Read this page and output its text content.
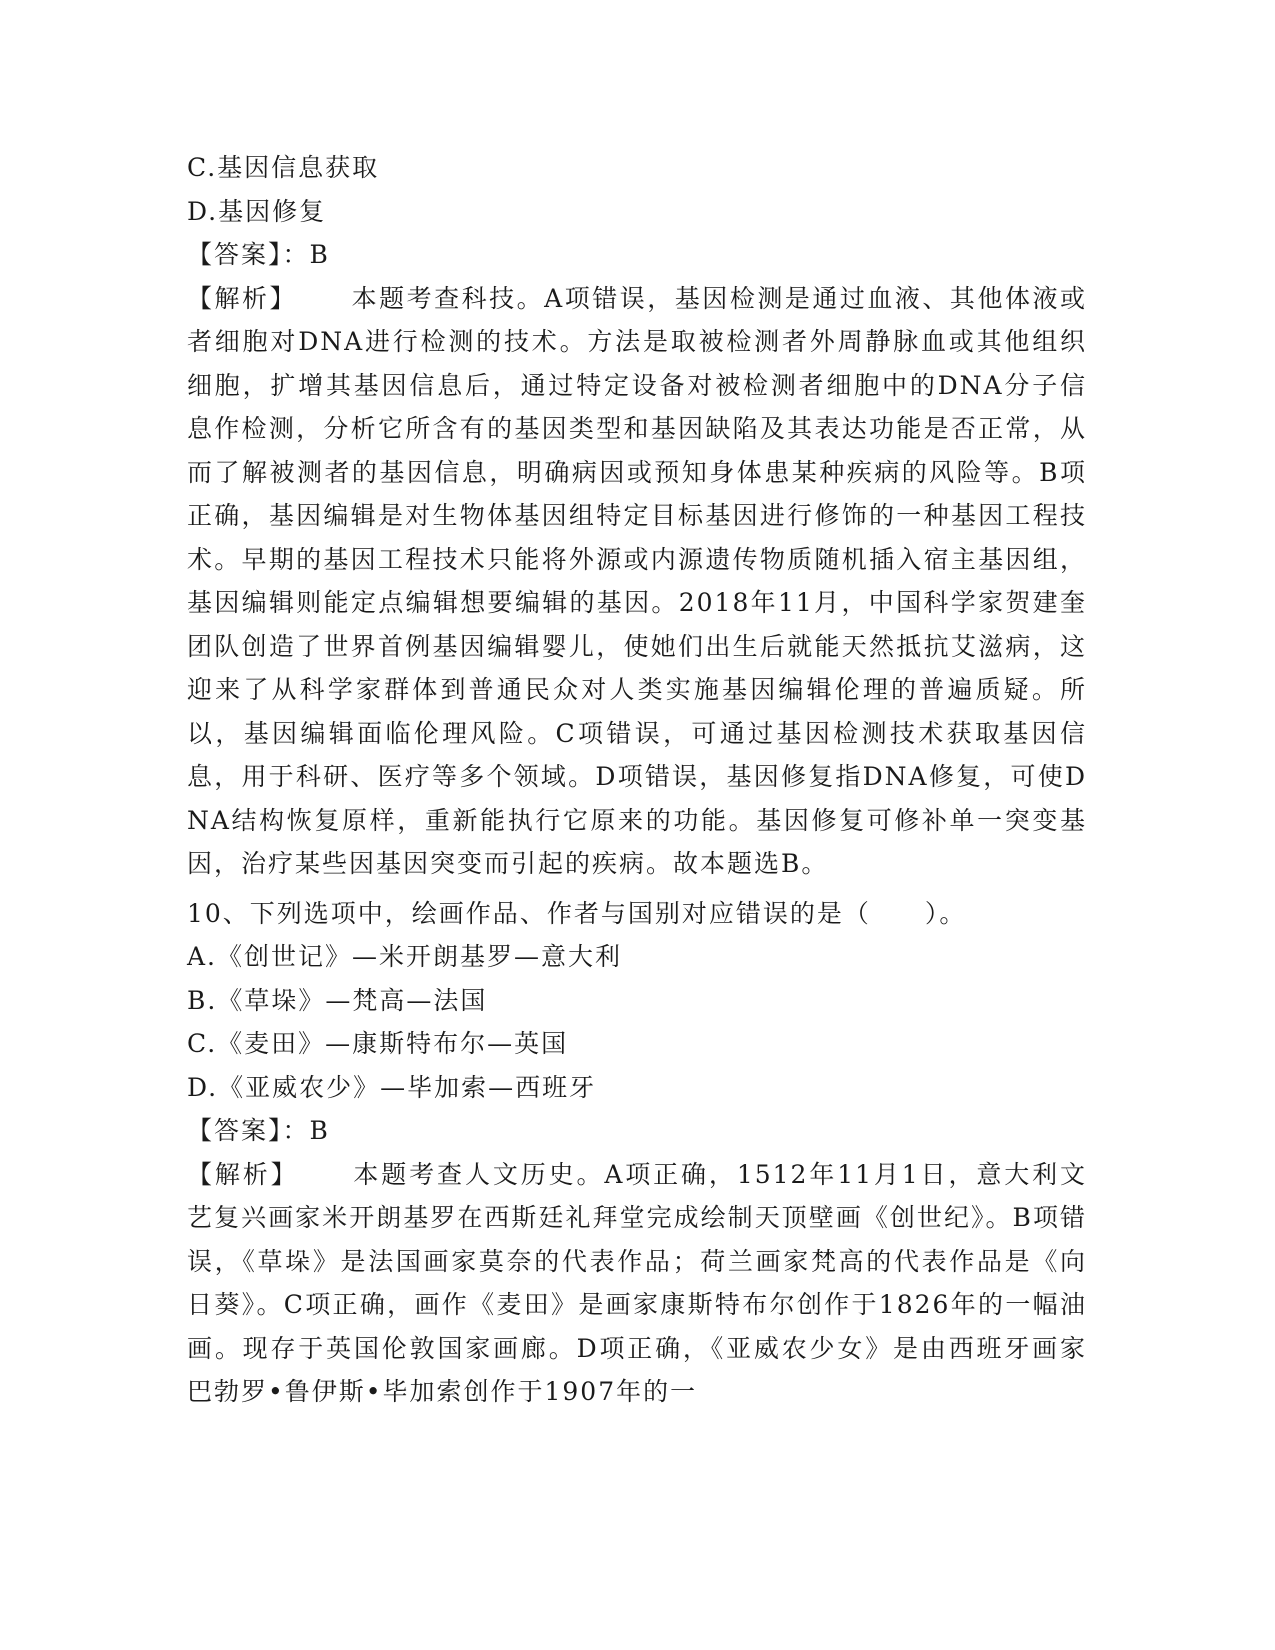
C.基因信息获取
D.基因修复
【答案】：B
【解析】   本题考查科技。A项错误，基因检测是通过血液、其他体液或者细胞对DNA进行检测的技术。方法是取被检测者外周静脉血或其他组织细胞，扩增其基因信息后，通过特定设备对被检测者细胞中的DNA分子信息作检测，分析它所含有的基因类型和基因缺陷及其表达功能是否正常，从而了解被测者的基因信息，明确病因或预知身体患某种疾病的风险等。B项正确，基因编辑是对生物体基因组特定目标基因进行修饰的一种基因工程技术。早期的基因工程技术只能将外源或内源遗传物质随机插入宿主基因组，基因编辑则能定点编辑想要编辑的基因。2018年11月，中国科学家贺建奎团队创造了世界首例基因编辑婴儿，使她们出生后就能天然抵抗艾滋病，这迎来了从科学家群体到普通民众对人类实施基因编辑伦理的普遍质疑。所以，基因编辑面临伦理风险。C项错误，可通过基因检测技术获取基因信息，用于科研、医疗等多个领域。D项错误，基因修复指DNA修复，可使DNA结构恢复原样，重新能执行它原来的功能。基因修复可修补单一突变基因，治疗某些因基因突变而引起的疾病。故本题选B。
10、下列选项中，绘画作品、作者与国别对应错误的是（　　）。
A.《创世记》—米开朗基罗—意大利
B.《草垛》—梵高—法国
C.《麦田》—康斯特布尔—英国
D.《亚威农少》—毕加索—西班牙
【答案】：B
【解析】   本题考查人文历史。A项正确，1512年11月1日，意大利文艺复兴画家米开朗基罗在西斯廷礼拜堂完成绘制天顶壁画《创世纪》。B项错误，《草垛》是法国画家莫奈的代表作品；荷兰画家梵高的代表作品是《向日葵》。C项正确，画作《麦田》是画家康斯特布尔创作于1826年的一幅油画。现存于英国伦敦国家画廊。D项正确，《亚威农少女》是由西班牙画家巴勃罗•鲁伊斯•毕加索创作于1907年的一
